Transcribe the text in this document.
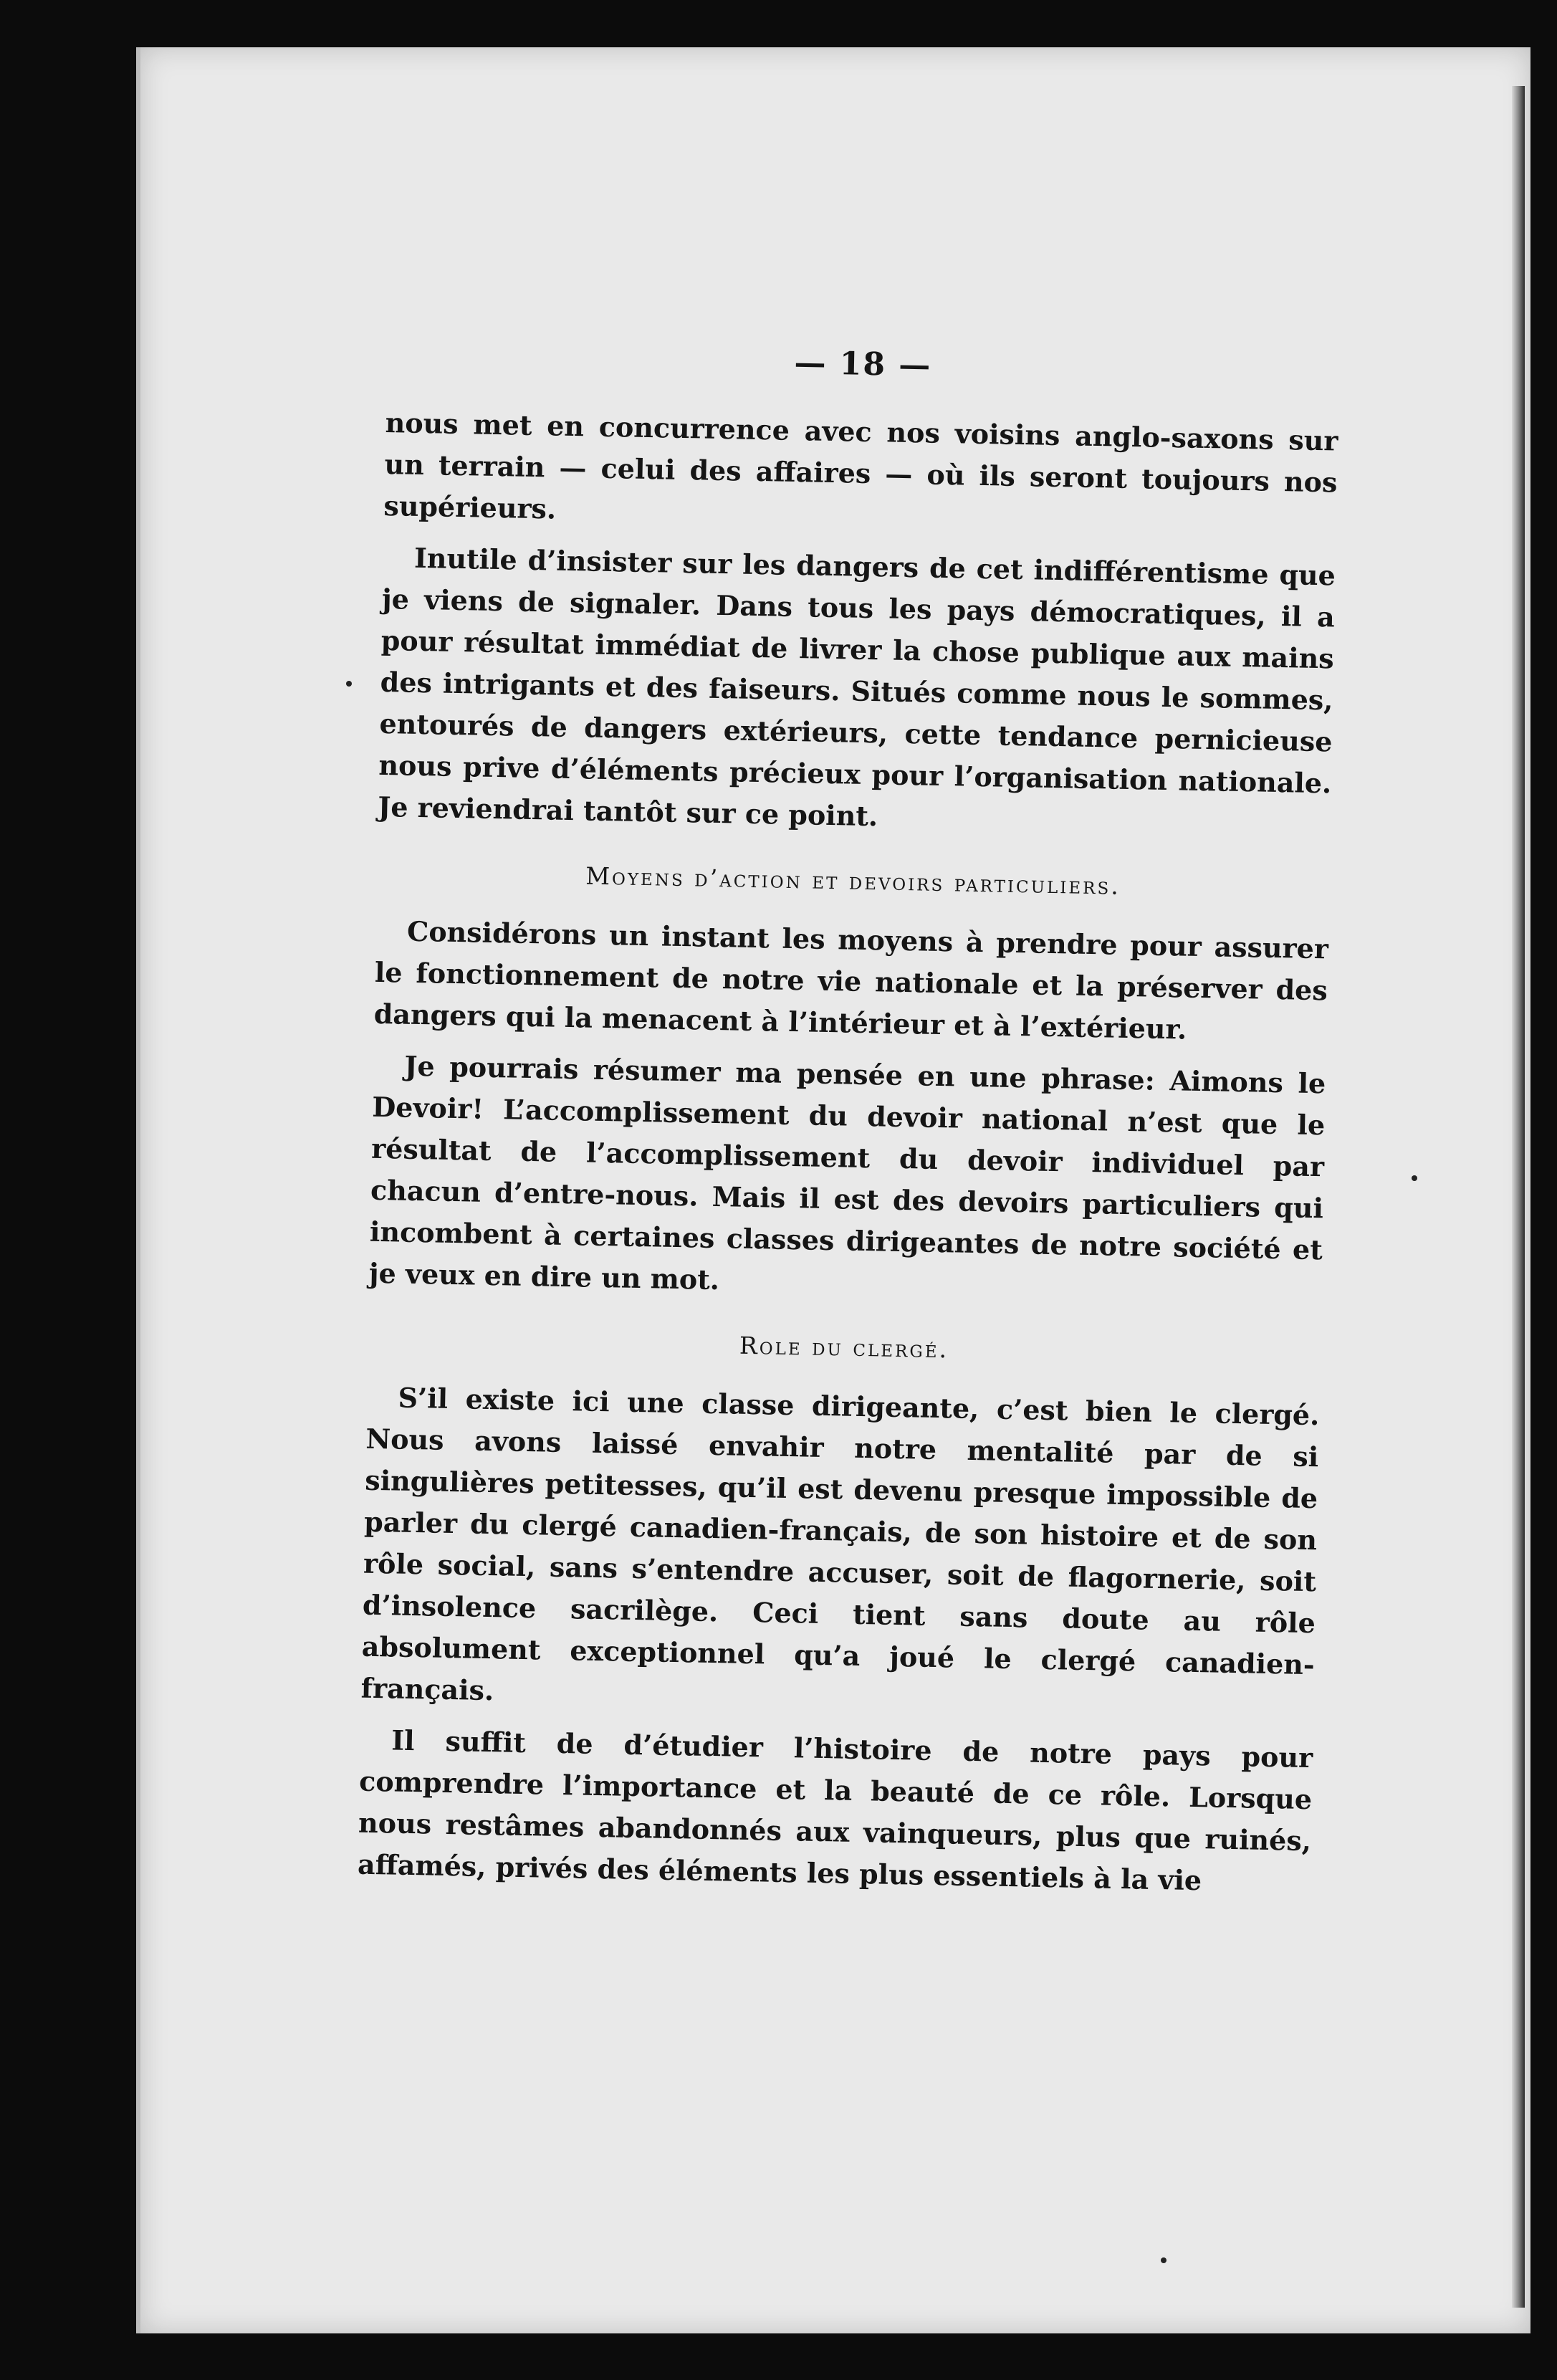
— 18 —

nous met en concurrence avec nos voisins anglo-saxons sur un terrain — celui des affaires — où ils seront toujours nos supérieurs.

Inutile d’insister sur les dangers de cet indifférentisme que je viens de signaler. Dans tous les pays démocratiques, il a pour résultat immédiat de livrer la chose publique aux mains des intrigants et des faiseurs. Situés comme nous le sommes, entourés de dangers extérieurs, cette tendance pernicieuse nous prive d’éléments précieux pour l’organisation nationale. Je reviendrai tantôt sur ce point.

Moyens d’action et devoirs particuliers.

Considérons un instant les moyens à prendre pour assurer le fonctionnement de notre vie nationale et la préserver des dangers qui la menacent à l’intérieur et à l’extérieur.

Je pourrais résumer ma pensée en une phrase: Aimons le Devoir! L’accomplissement du devoir national n’est que le résultat de l’accomplissement du devoir individuel par chacun d’entre-nous. Mais il est des devoirs particuliers qui incombent à certaines classes dirigeantes de notre société et je veux en dire un mot.

Role du clergé.

S’il existe ici une classe dirigeante, c’est bien le clergé. Nous avons laissé envahir notre mentalité par de si singulières petitesses, qu’il est devenu presque impossible de parler du clergé canadien-français, de son histoire et de son rôle social, sans s’entendre accuser, soit de flagornerie, soit d’insolence sacrilège. Ceci tient sans doute au rôle absolument exceptionnel qu’a joué le clergé canadien-français.

Il suffit de d’étudier l’histoire de notre pays pour comprendre l’importance et la beauté de ce rôle. Lorsque nous restâmes abandonnés aux vainqueurs, plus que ruinés, affamés, privés des éléments les plus essentiels à la vie
